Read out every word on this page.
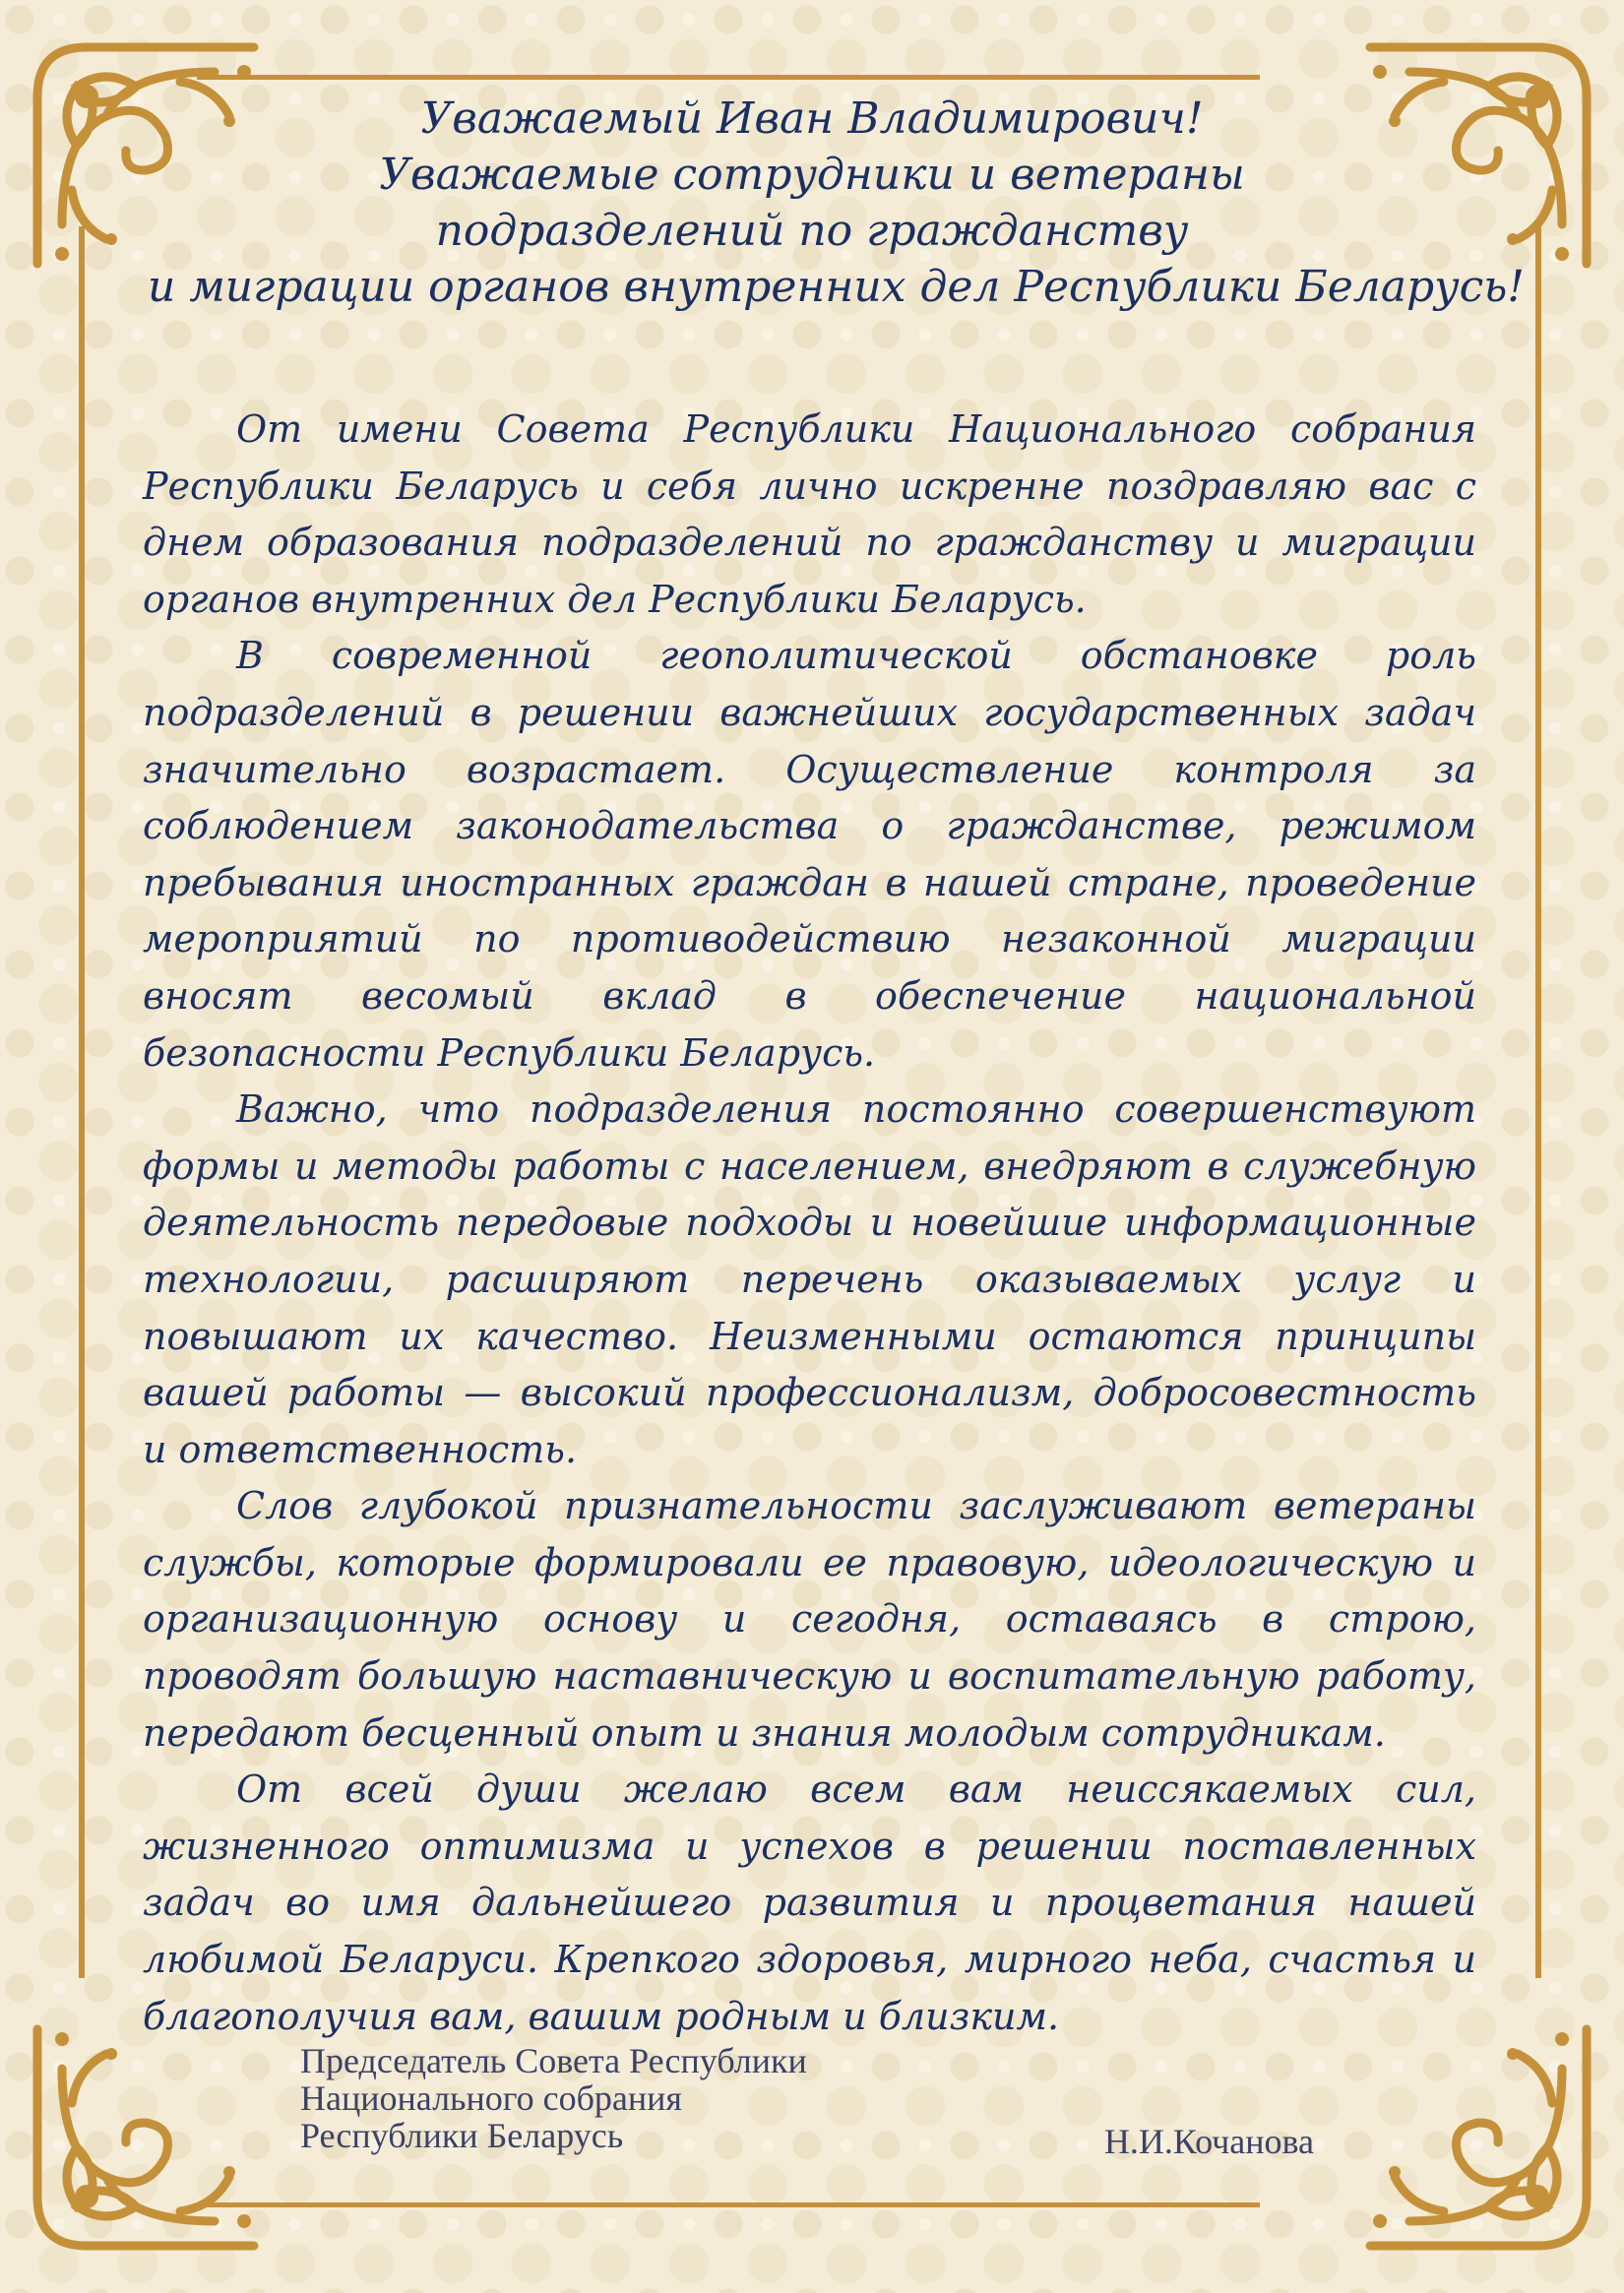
Уважаемый Иван Владимирович!
Уважаемые сотрудники и ветераны
подразделений по гражданству
и миграции органов внутренних дел Республики Беларусь!

От имени Совета Республики Национального собрания Республики Беларусь и себя лично искренне поздравляю вас с днем образования подразделений по гражданству и миграции органов внутренних дел Республики Беларусь.

В современной геополитической обстановке роль подразделений в решении важнейших государственных задач значительно возрастает. Осуществление контроля за соблюдением законодательства о гражданстве, режимом пребывания иностранных граждан в нашей стране, проведение мероприятий по противодействию незаконной миграции вносят весомый вклад в обеспечение национальной безопасности Республики Беларусь.

Важно, что подразделения постоянно совершенствуют формы и методы работы с населением, внедряют в служебную деятельность передовые подходы и новейшие информационные технологии, расширяют перечень оказываемых услуг и повышают их качество. Неизменными остаются принципы вашей работы — высокий профессионализм, добросовестность и ответственность.

Слов глубокой признательности заслуживают ветераны службы, которые формировали ее правовую, идеологическую и организационную основу и сегодня, оставаясь в строю, проводят большую наставническую и воспитательную работу, передают бесценный опыт и знания молодым сотрудникам.

От всей души желаю всем вам неиссякаемых сил, жизненного оптимизма и успехов в решении поставленных задач во имя дальнейшего развития и процветания нашей любимой Беларуси. Крепкого здоровья, мирного неба, счастья и благополучия вам, вашим родным и близким.

Председатель Совета Республики
Национального собрания
Республики Беларусь	Н.И.Кочанова
